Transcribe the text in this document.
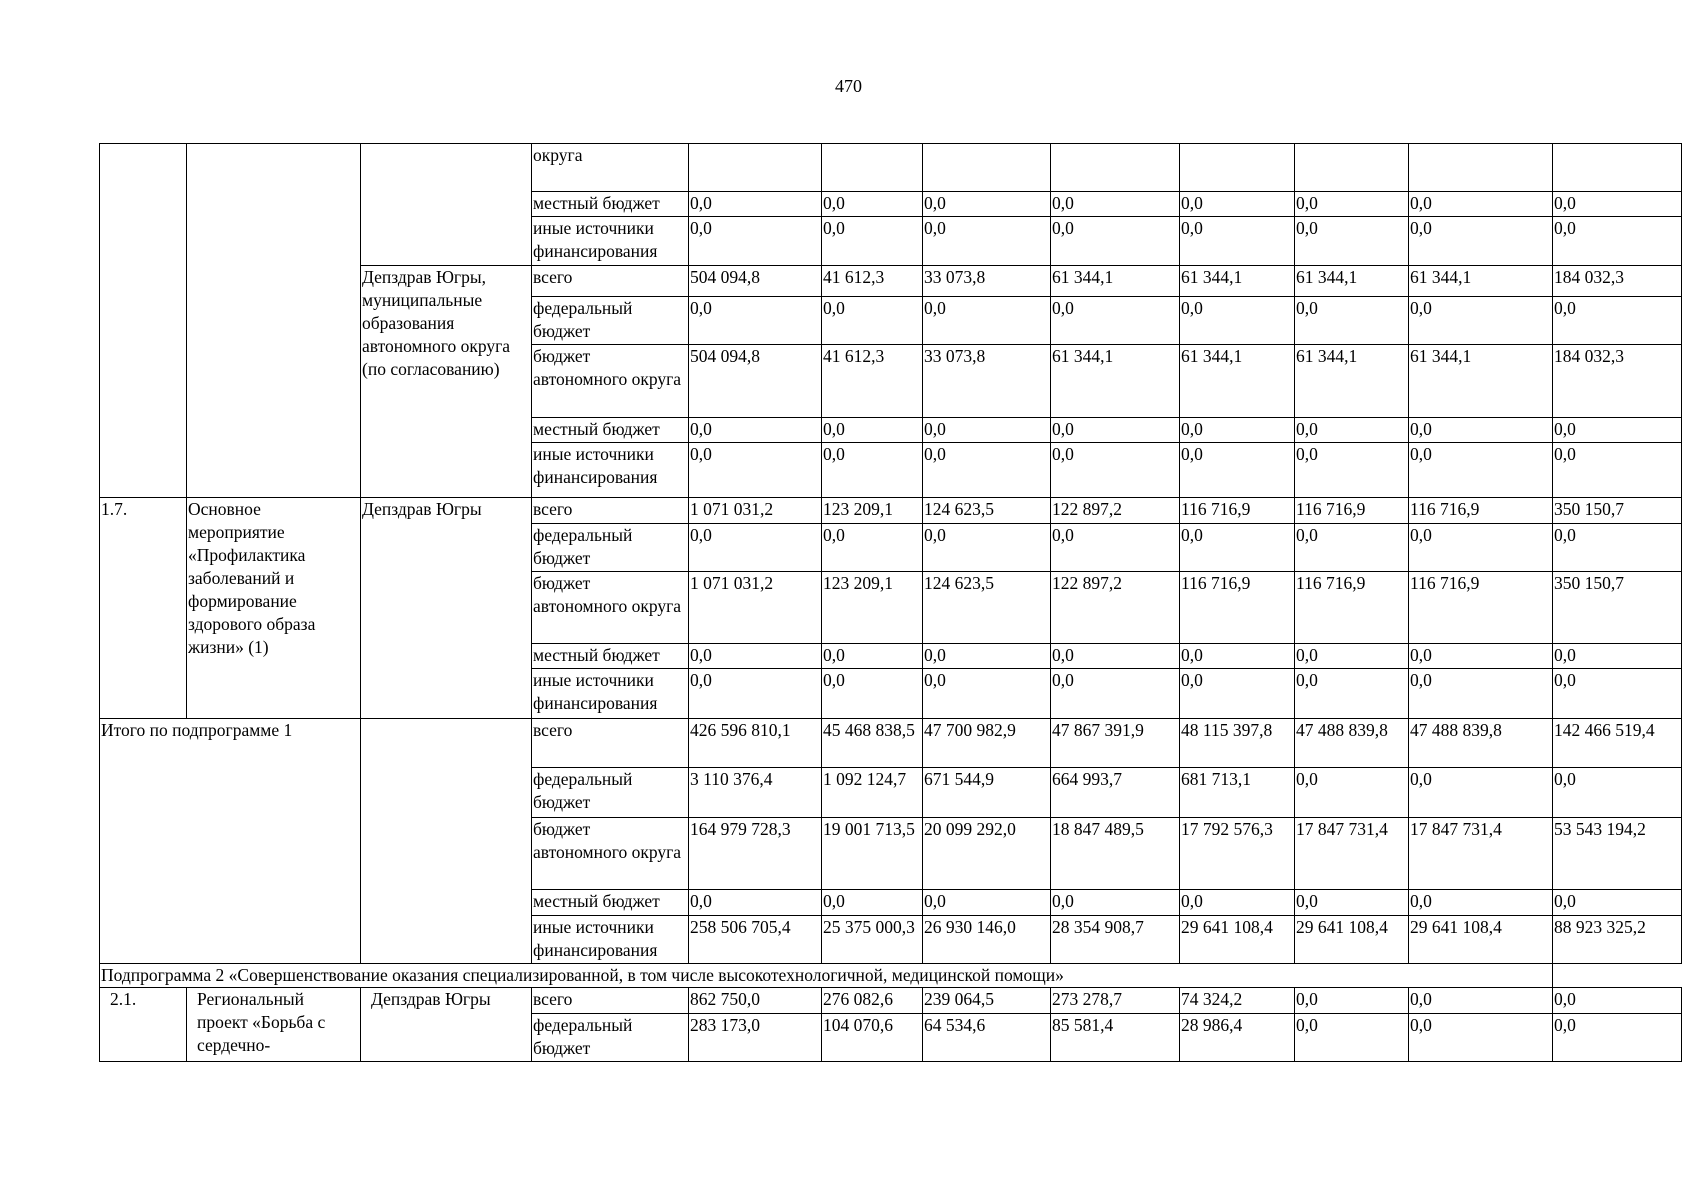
470
			округа								
			местный бюджет	0,0	0,0	0,0	0,0	0,0	0,0	0,0	0,0
			иные источники финансирования	0,0	0,0	0,0	0,0	0,0	0,0	0,0	0,0
		Депздрав Югры, муниципальные образования автономного округа (по согласованию)	всего	504 094,8	41 612,3	33 073,8	61 344,1	61 344,1	61 344,1	61 344,1	184 032,3
			федеральный бюджет	0,0	0,0	0,0	0,0	0,0	0,0	0,0	0,0
			бюджет автономного округа	504 094,8	41 612,3	33 073,8	61 344,1	61 344,1	61 344,1	61 344,1	184 032,3
			местный бюджет	0,0	0,0	0,0	0,0	0,0	0,0	0,0	0,0
			иные источники финансирования	0,0	0,0	0,0	0,0	0,0	0,0	0,0	0,0
1.7.	Основное мероприятие «Профилактика заболеваний и формирование здорового образа жизни» (1)	Депздрав Югры	всего	1 071 031,2	123 209,1	124 623,5	122 897,2	116 716,9	116 716,9	116 716,9	350 150,7
			федеральный бюджет	0,0	0,0	0,0	0,0	0,0	0,0	0,0	0,0
			бюджет автономного округа	1 071 031,2	123 209,1	124 623,5	122 897,2	116 716,9	116 716,9	116 716,9	350 150,7
			местный бюджет	0,0	0,0	0,0	0,0	0,0	0,0	0,0	0,0
			иные источники финансирования	0,0	0,0	0,0	0,0	0,0	0,0	0,0	0,0
Итого по подпрограмме 1			всего	426 596 810,1	45 468 838,5	47 700 982,9	47 867 391,9	48 115 397,8	47 488 839,8	47 488 839,8	142 466 519,4
			федеральный бюджет	3 110 376,4	1 092 124,7	671 544,9	664 993,7	681 713,1	0,0	0,0	0,0
			бюджет автономного округа	164 979 728,3	19 001 713,5	20 099 292,0	18 847 489,5	17 792 576,3	17 847 731,4	17 847 731,4	53 543 194,2
			местный бюджет	0,0	0,0	0,0	0,0	0,0	0,0	0,0	0,0
			иные источники финансирования	258 506 705,4	25 375 000,3	26 930 146,0	28 354 908,7	29 641 108,4	29 641 108,4	29 641 108,4	88 923 325,2
Подпрограмма 2 «Совершенствование оказания специализированной, в том числе высокотехнологичной, медицинской помощи»											
2.1.	Региональный проект «Борьба с сердечно-	Депздрав Югры	всего	862 750,0	276 082,6	239 064,5	273 278,7	74 324,2	0,0	0,0	0,0
			федеральный бюджет	283 173,0	104 070,6	64 534,6	85 581,4	28 986,4	0,0	0,0	0,0
